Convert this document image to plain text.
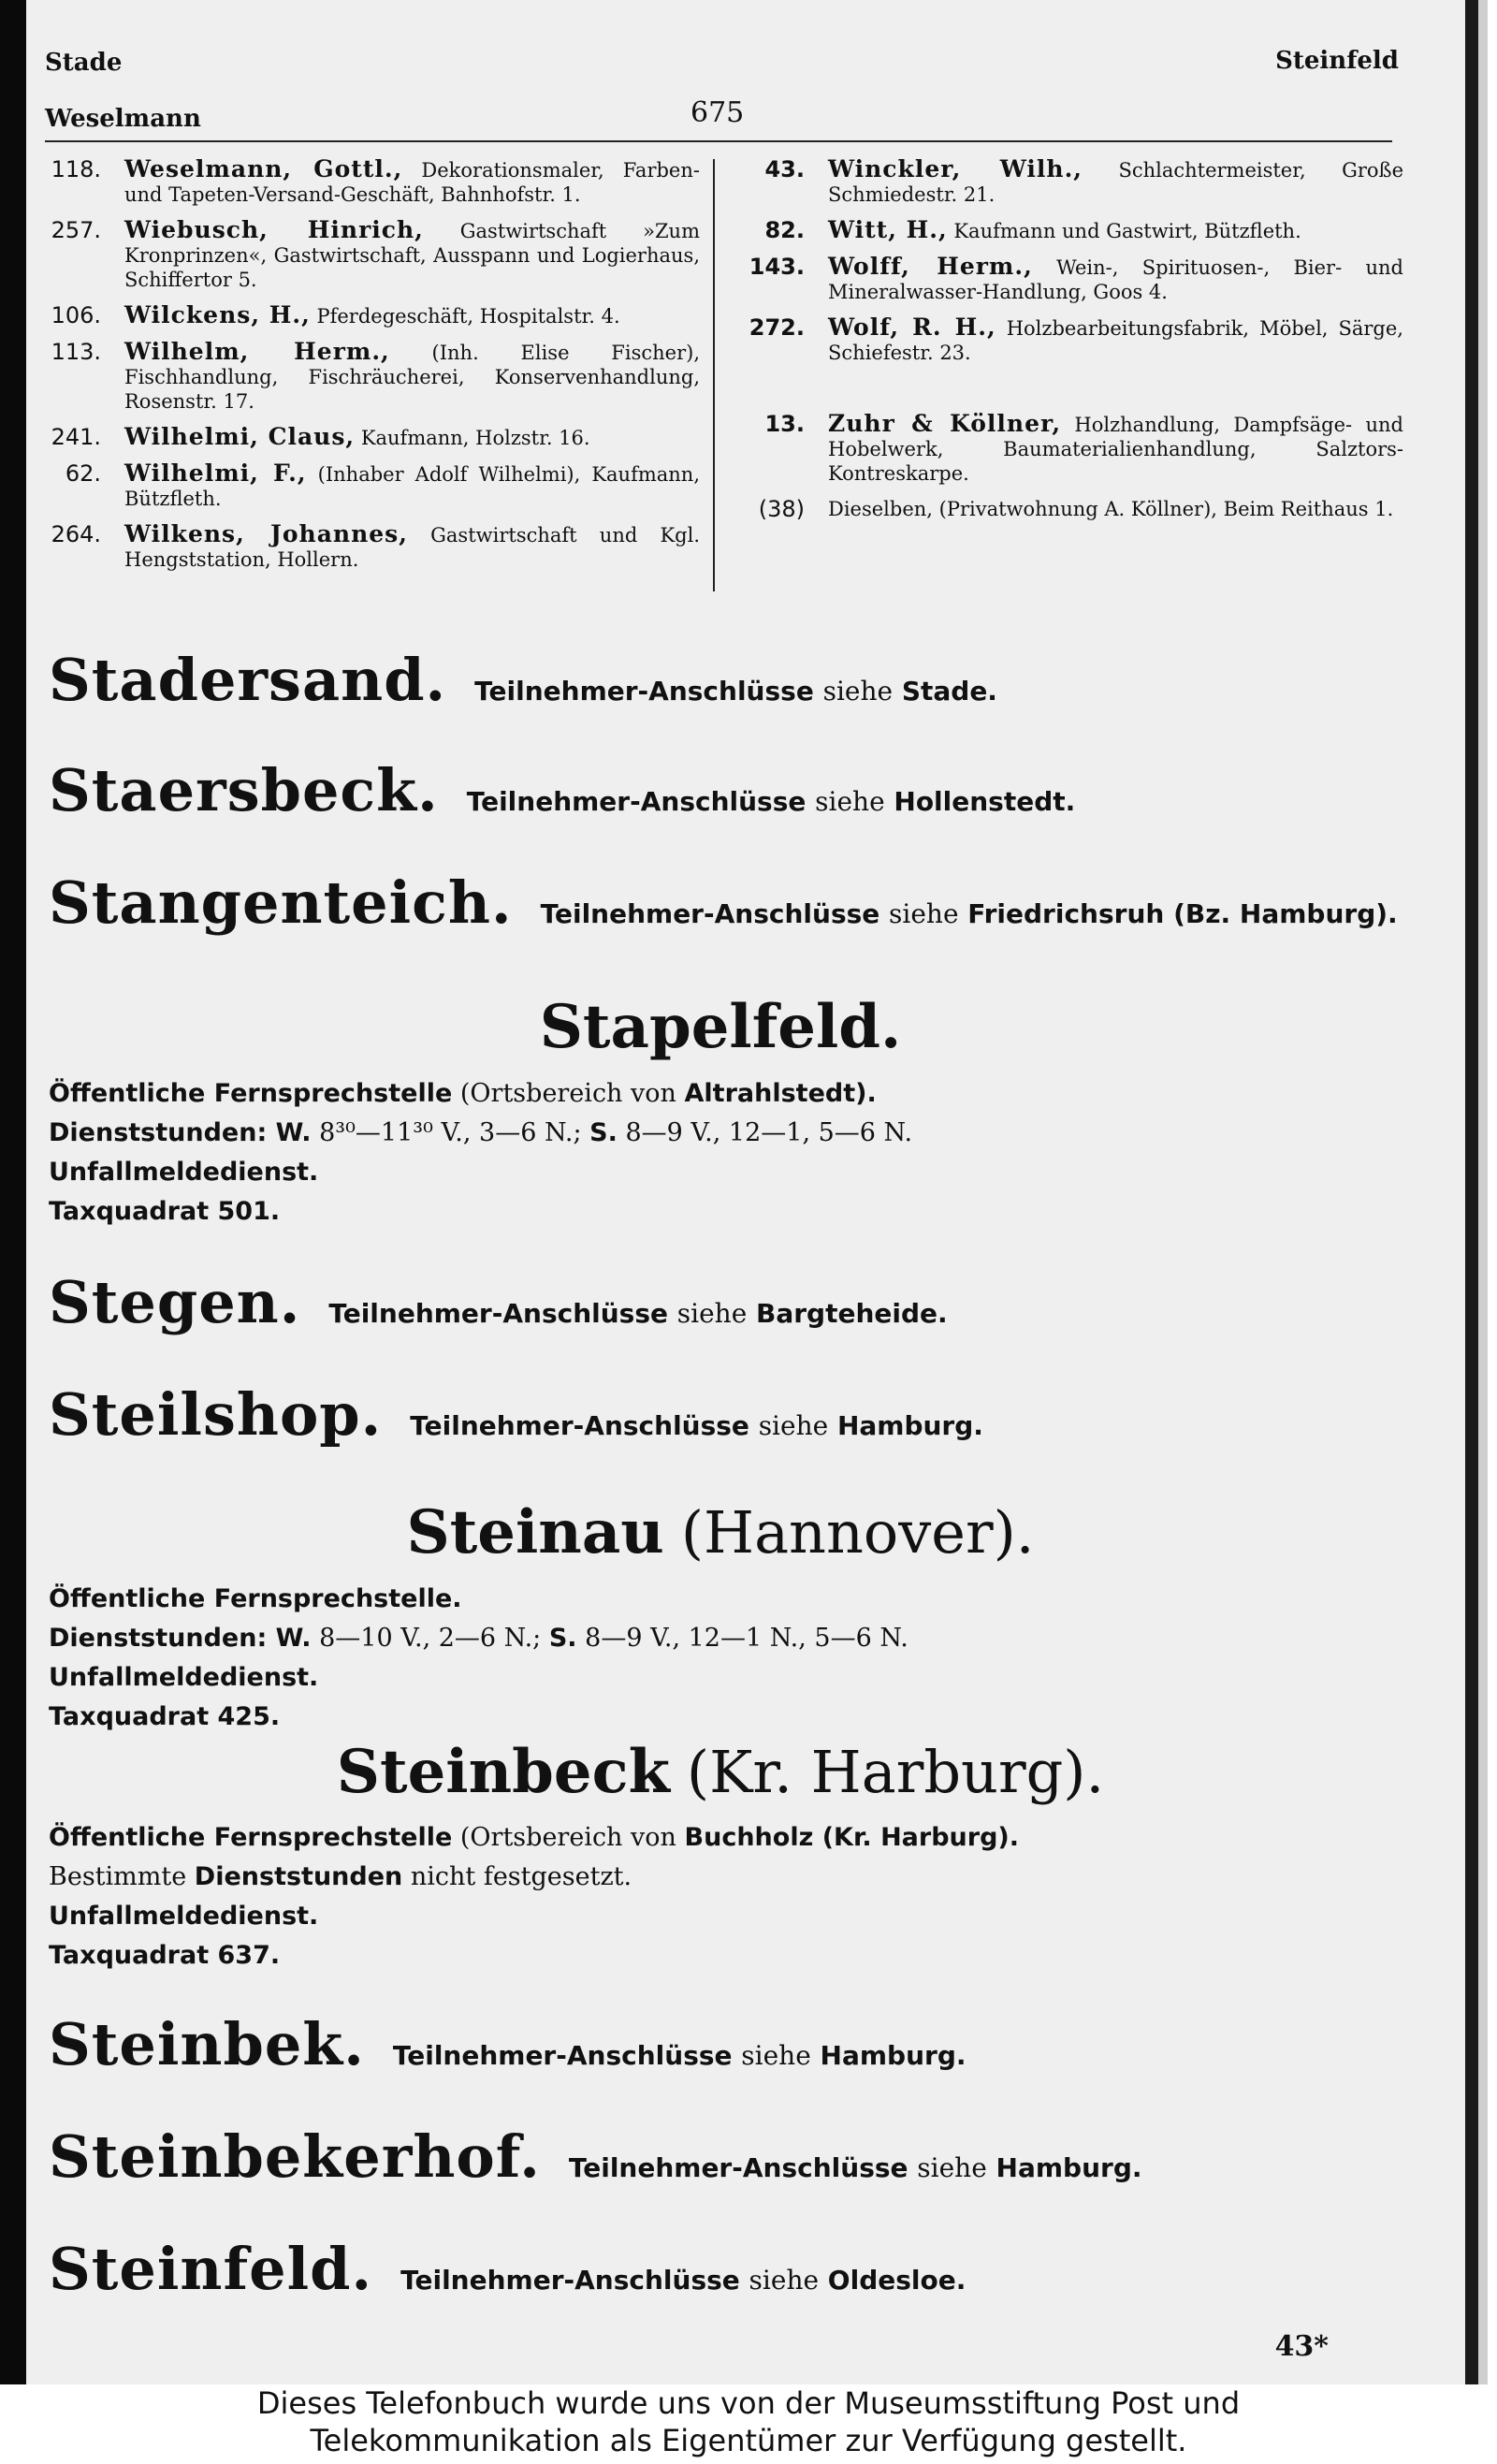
Stade	Steinfeld
Weselmann	675
118. Weselmann, Gottl., Dekorationsmaler, Farben- und Tapeten-Versand-Geschäft, Bahnhofstr. 1.
257. Wiebusch, Hinrich, Gastwirtschaft »Zum Kronprinzen«, Gastwirtschaft, Ausspann und Logierhaus, Schiffertor 5.
106. Wilckens, H., Pferdegeschäft, Hospitalstr. 4.
113. Wilhelm, Herm., (Inh. Elise Fischer), Fischhandlung, Fischräucherei, Konservenhandlung, Rosenstr. 17.
241. Wilhelmi, Claus, Kaufmann, Holzstr. 16.
62. Wilhelmi, F., (Inhaber Adolf Wilhelmi), Kaufmann, Bützfleth.
264. Wilkens, Johannes, Gastwirtschaft und Kgl. Hengststation, Hollern.
43. Winckler, Wilh., Schlachtermeister, Große Schmiedestr. 21.
82. Witt, H., Kaufmann und Gastwirt, Bützfleth.
143. Wolff, Herm., Wein-, Spirituosen-, Bier- und Mineralwasser-Handlung, Goos 4.
272. Wolf, R. H., Holzbearbeitungsfabrik, Möbel, Särge, Schiefestr. 23.
13. Zuhr & Köllner, Holzhandlung, Dampfsäge- und Hobelwerk, Baumaterialienhandlung, Salztors-Kontreskarpe.
(38) Dieselben, (Privatwohnung A. Köllner), Beim Reithaus 1.
Stadersand. Teilnehmer-Anschlüsse siehe Stade.
Staersbeck. Teilnehmer-Anschlüsse siehe Hollenstedt.
Stangenteich. Teilnehmer-Anschlüsse siehe Friedrichsruh (Bz. Hamburg).
Stapelfeld.
Öffentliche Fernsprechstelle (Ortsbereich von Altrahlstedt).
Dienststunden: W. 8³⁰—11³⁰ V., 3—6 N.; S. 8—9 V., 12—1, 5—6 N.
Unfallmeldedienst.
Taxquadrat 501.
Stegen. Teilnehmer-Anschlüsse siehe Bargteheide.
Steilshop. Teilnehmer-Anschlüsse siehe Hamburg.
Steinau (Hannover).
Öffentliche Fernsprechstelle.
Dienststunden: W. 8—10 V., 2—6 N.; S. 8—9 V., 12—1 N., 5—6 N.
Unfallmeldedienst.
Taxquadrat 425.
Steinbeck (Kr. Harburg).
Öffentliche Fernsprechstelle (Ortsbereich von Buchholz (Kr. Harburg).
Bestimmte Dienststunden nicht festgesetzt.
Unfallmeldedienst.
Taxquadrat 637.
Steinbek. Teilnehmer-Anschlüsse siehe Hamburg.
Steinbekerhof. Teilnehmer-Anschlüsse siehe Hamburg.
Steinfeld. Teilnehmer-Anschlüsse siehe Oldesloe.
43*
Dieses Telefonbuch wurde uns von der Museumsstiftung Post und
Telekommunikation als Eigentümer zur Verfügung gestellt.
